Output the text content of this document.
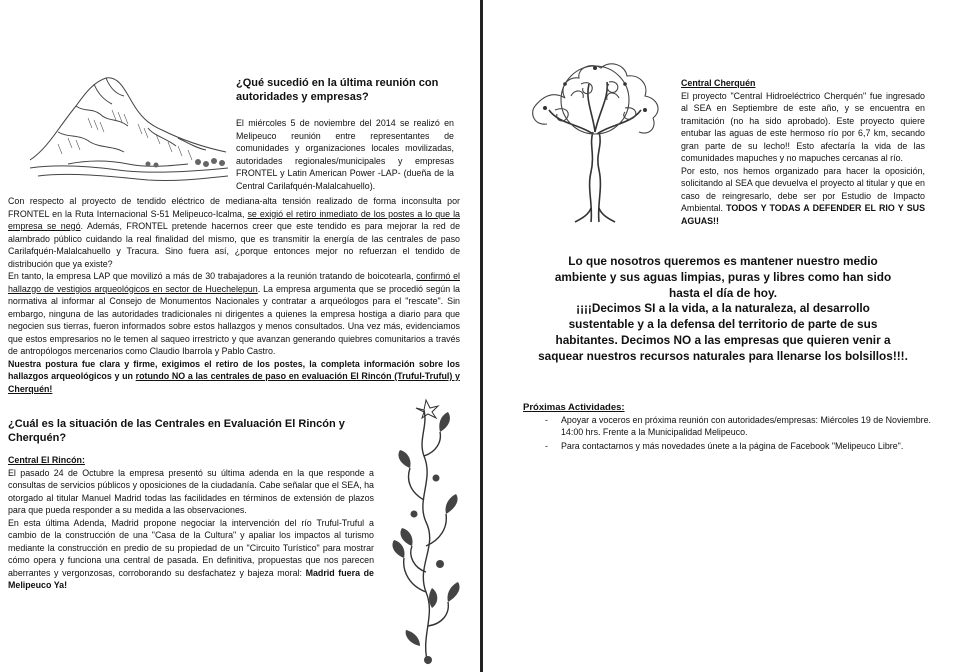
¿Qué sucedió en la última reunión con autoridades y empresas?

El miércoles 5 de noviembre del 2014 se realizó en Melipeuco reunión entre representantes de comunidades y organizaciones locales movilizadas, autoridades regionales/municipales y empresas FRONTEL y Latin American Power -LAP- (dueña de la Central Carilafquén-Malalcahuello).

Con respecto al proyecto de tendido eléctrico de mediana-alta tensión realizado de forma inconsulta por FRONTEL en la Ruta Internacional S-51 Melipeuco-Icalma, se exigió el retiro inmediato de los postes a lo que la empresa se negó. Además, FRONTEL pretende hacernos creer que este tendido es para mejorar la red de alambrado público cuidando la real finalidad del mismo, que es transmitir la energía de las centrales de paso Carilafquén-Malalcahuello y Tracura. Sino fuera así, ¿porque entonces mejor no refuerzan el tendido de distribución que ya existe?

En tanto, la empresa LAP que movilizó a más de 30 trabajadores a la reunión tratando de boicotearla, confirmó el hallazgo de vestigios arqueológicos en sector de Huechelepun. La empresa argumenta que se procedió según la normativa al informar al Consejo de Monumentos Nacionales y contratar a arqueólogos para el "rescate". Sin embargo, ninguna de las autoridades tradicionales ni dirigentes a quienes la empresa hostiga a diario para que negocien sus tierras, fueron informados sobre estos hallazgos y menos consultados. Una vez más, evidenciamos que estos empresarios no le temen al saqueo irrestricto y que avanzan generando quiebres comunitarios a través de antropólogos mercenarios como Claudio Ibarrola y Pablo Castro.

Nuestra postura fue clara y firme, exigimos el retiro de los postes, la completa información sobre los hallazgos arqueológicos y un rotundo NO a las centrales de paso en evaluación El Rincón (Truful-Truful) y Cherquén!

¿Cuál es la situación de las Centrales en Evaluación El Rincón y Cherquén?

Central El Rincón:

El pasado 24 de Octubre la empresa presentó su última adenda en la que responde a consultas de servicios públicos y oposiciones de la ciudadanía. Cabe señalar que el SEA, ha otorgado al titular Manuel Madrid todas las facilidades en términos de extensión de plazos para que pueda responder a su medida a las observaciones.

En esta última Adenda, Madrid propone negociar la intervención del río Truful-Truful a cambio de la construcción de una "Casa de la Cultura" y apaliar los impactos al turismo mediante la construcción en predio de su propiedad de un "Circuito Turístico" para mostrar cómo opera y funciona una central de pasada. En definitiva, propuestas que nos parecen aberrantes y vergonzosas, corroborando su desfachatez y bajeza moral: Madrid fuera de Melipeuco Ya!

Central Cherquén

El proyecto "Central Hidroeléctrico Cherquén" fue ingresado al SEA en Septiembre de este año, y se encuentra en tramitación (no ha sido aprobado). Este proyecto quiere entubar las aguas de este hermoso río por 6,7 km, secando gran parte de su lecho!! Esto afectaría la vida de las comunidades mapuches y no mapuches cercanas al río.

Por esto, nos hemos organizado para hacer la oposición, solicitando al SEA que devuelva el proyecto al titular y que en caso de reingresarlo, debe ser por Estudio de Impacto Ambiental. TODOS Y TODAS A DEFENDER EL RIO Y SUS AGUAS!!

Lo que nosotros queremos es mantener nuestro medio
ambiente y sus aguas limpias, puras y libres como han sido
hasta el día de hoy.
¡¡¡¡Decimos SI a la vida, a la naturaleza, al desarrollo
sustentable y a la defensa del territorio de parte de sus
habitantes. Decimos NO a las empresas que quieren venir a
saquear nuestros recursos naturales para llenarse los bolsillos!!!.
Próximas Actividades:
-	Apoyar a voceros en próxima reunión con autoridades/empresas: Miércoles 19 de Noviembre. 14:00 hrs. Frente a la Municipalidad Melipeuco.
-	Para contactarnos y más novedades únete a la página de Facebook "Melipeuco Libre".
